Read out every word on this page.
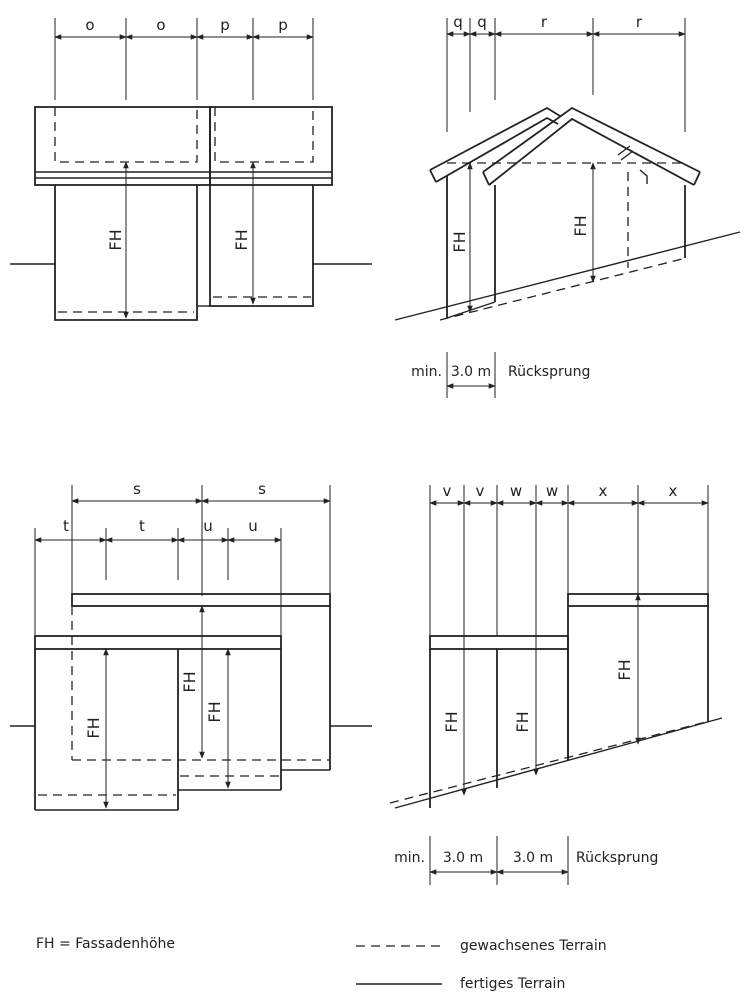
o	o	p	p
FH	FH
q q	r	r
FH
FH
min. 3.0 m Rücksprung
s	s
t	t	u u
FH
FH
FH
v v w w	x	x
FH	FH
FH
min. 3.0 m 3.0 m Rücksprung
FH = Fassadenhöhe	gewachsenes Terrain
fertiges Terrain
